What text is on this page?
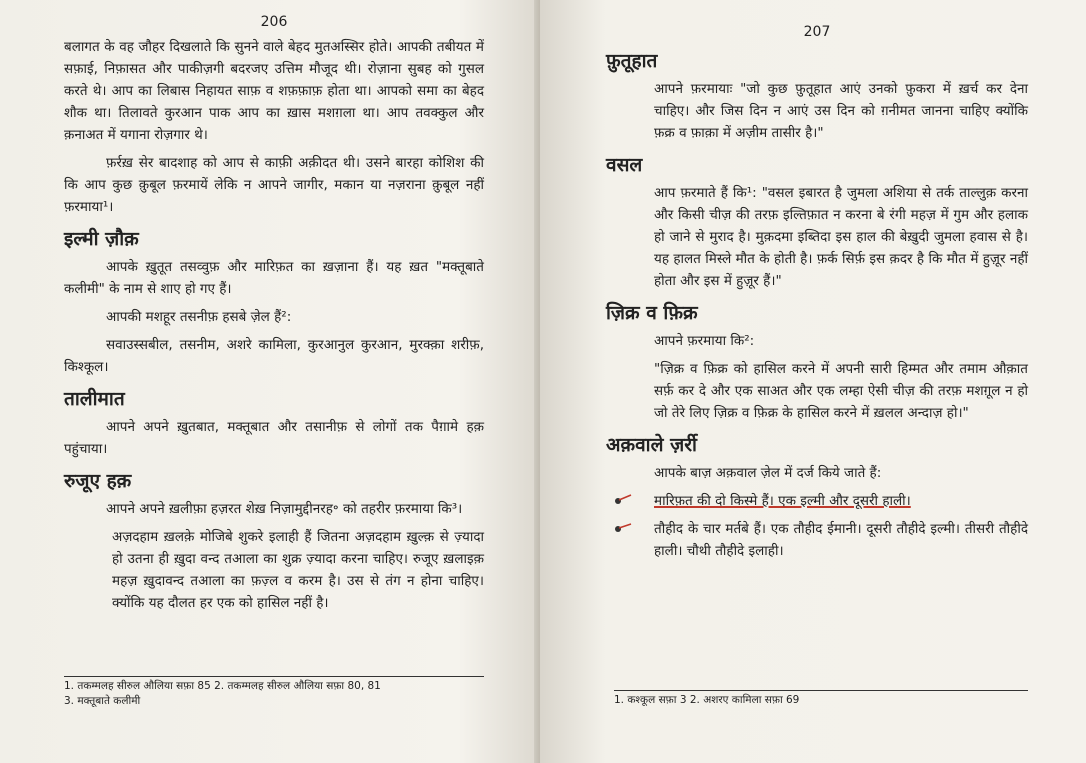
206

बलागत के वह जौहर दिखलाते कि सुनने वाले बेहद मुतअस्सिर होते। आपकी तबीयत में सफ़ाई, निफ़ासत और पाकीज़गी बदरजए उत्तिम मौजूद थी। रोज़ाना सुबह को गुसल करते थे। आप का लिबास निहायत साफ़ व शफ़फ़ाफ़ होता था। आपको समा का बेहद शौक था। तिलावते कुरआन पाक आप का ख़ास मशग़ला था। आप तवक्कुल और क़नाअत में यगाना रोज़गार थे।

फ़र्रख़ सेर बादशाह को आप से काफ़ी अक़ीदत थी। उसने बारहा कोशिश की कि आप कुछ क़ुबूल फ़रमायें लेकि न आपने जागीर, मकान या नज़राना क़ुबूल नहीं फ़रमाया¹।

इल्मी ज़ौक़

आपके ख़ुतूत तसव्वुफ़ और मारिफ़त का ख़ज़ाना हैं। यह ख़त "मक्तूबाते कलीमी" के नाम से शाए हो गए हैं।

आपकी मशहूर तसनीफ़ हसबे ज़ेल हैं²:

सवाउस्सबील, तसनीम, अशरे कामिला, कुरआनुल कुरआन, मुरक्क़ा शरीफ़, किश्कूल।

तालीमात

आपने अपने ख़ुतबात, मक्तूबात और तसानीफ़ से लोगों तक पैग़ामे हक़ पहुंचाया।

रुजूए हक़

आपने अपने ख़लीफ़ा हज़रत शेख़ निज़ामुद्दीनरह॰ को तहरीर फ़रमाया कि³।

अज़दहाम ख़लक़े मोजिबे शुकरे इलाही हैं जितना अज़दहाम ख़ुल्क़ से ज़्यादा हो उतना ही ख़ुदा वन्द तआला का शुक्र ज़्यादा करना चाहिए। रुजूए ख़लाइक़ महज़ ख़ुदावन्द तआला का फ़ज़्ल व करम है। उस से तंग न होना चाहिए। क्योंकि यह दौलत हर एक को हासिल नहीं है।

1. तकम्मलह सीरुल औलिया सफ़ा 85 2. तकम्मलह सीरुल औलिया सफ़ा 80, 81
3. मक्तूबाते कलीमी
207
फ़ुतूहात

आपने फ़रमायाः "जो कुछ फ़ुतूहात आएं उनको फ़ुकरा में ख़र्च कर देना चाहिए। और जिस दिन न आएं उस दिन को ग़नीमत जानना चाहिए क्योंकि फ़क्र व फ़ाक़ा में अज़ीम तासीर है।"

वसल

आप फ़रमाते हैं कि¹: "वसल इबारत है जुमला अशिया से तर्क ताल्लुक़ करना और किसी चीज़ की तरफ़ इल्तिफ़ात न करना बे रंगी महज़ में गुम और हलाक हो जाने से मुराद है। मुक़दमा इब्तिदा इस हाल की बेख़ुदी जुमला हवास से है। यह हालत मिस्ले मौत के होती है। फ़र्क सिर्फ़ इस क़दर है कि मौत में हुज़ूर नहीं होता और इस में हुज़ूर हैं।"

ज़िक्र व फ़िक्र

आपने फ़रमाया कि²:

"ज़िक्र व फ़िक्र को हासिल करने में अपनी सारी हिम्मत और तमाम औक़ात सर्फ़ कर दे और एक साअत और एक लम्हा ऐसी चीज़ की तरफ़ मशग़ूल न हो जो तेरे लिए ज़िक्र व फ़िक्र के हासिल करने में ख़लल अन्दाज़ हो।"

अक़वाले ज़र्री

आपके बाज़ अक़वाल ज़ेल में दर्ज किये जाते हैं:

मारिफ़त की दो किस्मे हैं। एक इल्मी और दूसरी हाली।

तौहीद के चार मर्तबे हैं। एक तौहीद ईमानी। दूसरी तौहीदे इल्मी। तीसरी तौहीदे हाली। चौथी तौहीदे इलाही।

1. कश्कूल सफ़ा 3 2. अशरए कामिला सफ़ा 69
